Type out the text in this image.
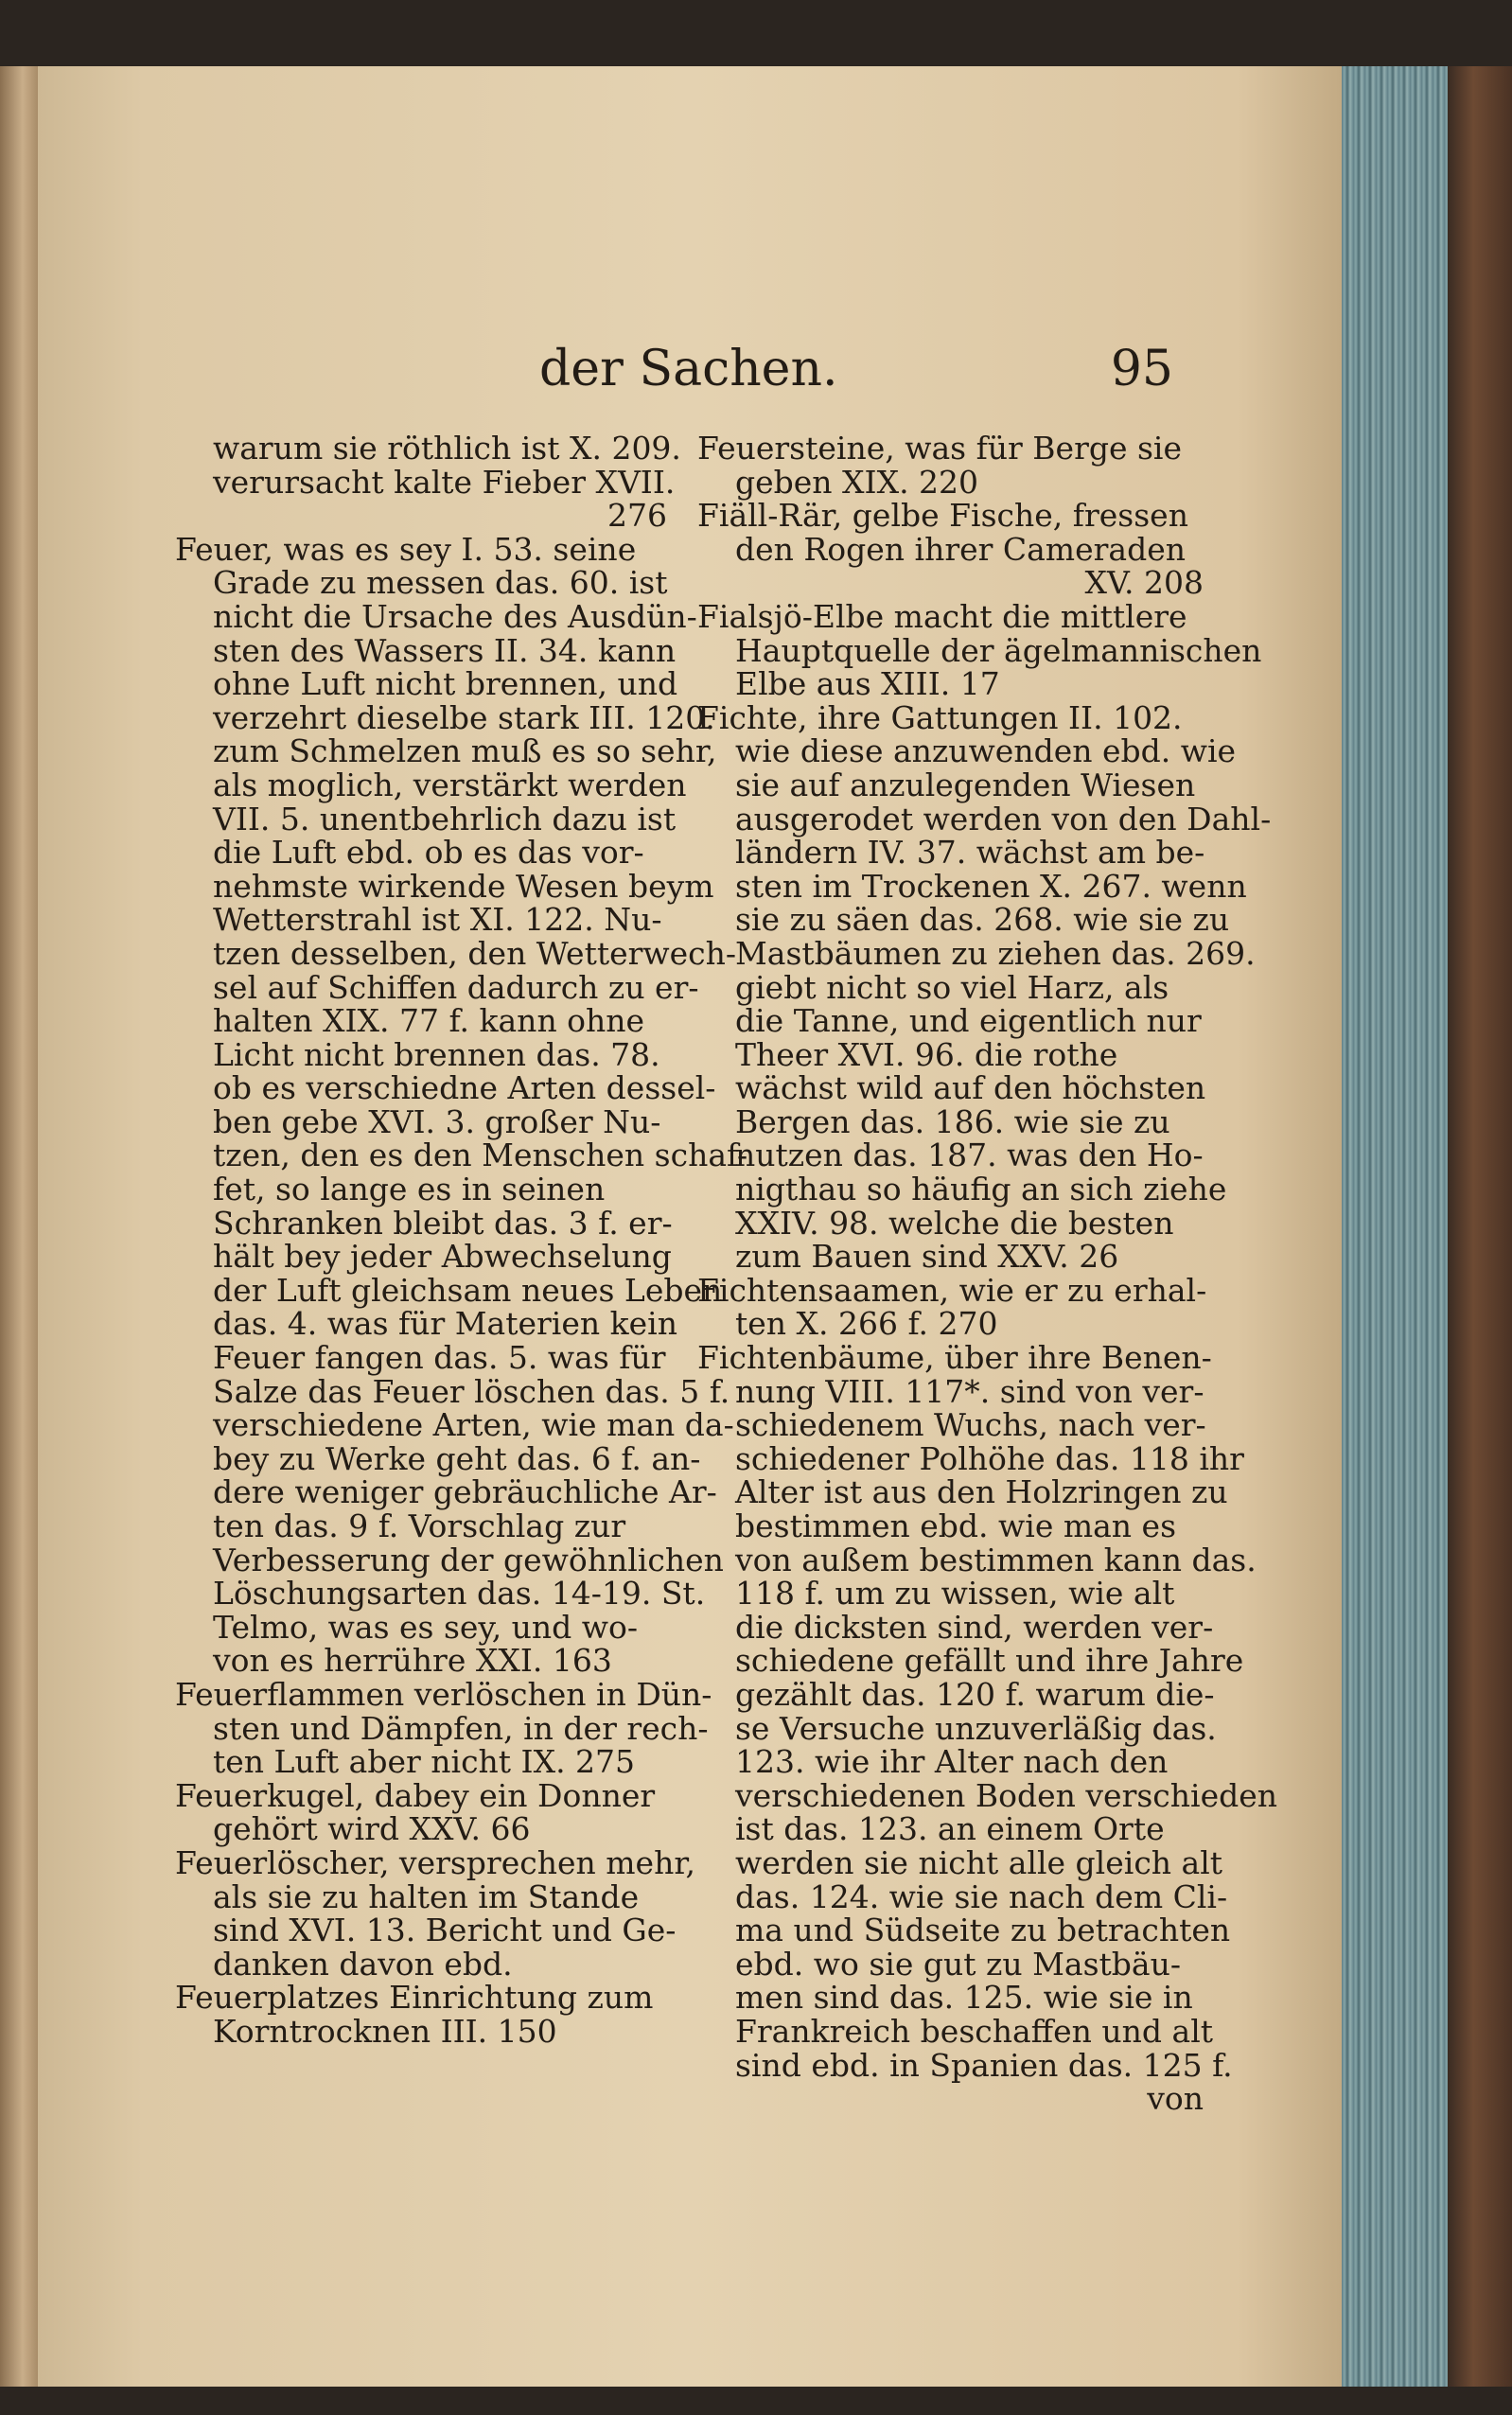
der Sachen.	95
warum sie röthlich ist X. 209.
verursacht kalte Fieber XVII.
276
Feuer, was es sey I. 53. seine
Grade zu messen das. 60. ist
nicht die Ursache des Ausdün-
sten des Wassers II. 34. kann
ohne Luft nicht brennen, und
verzehrt dieselbe stark III. 120.
zum Schmelzen muß es so sehr,
als moglich, verstärkt werden
VII. 5. unentbehrlich dazu ist
die Luft ebd. ob es das vor-
nehmste wirkende Wesen beym
Wetterstrahl ist XI. 122. Nu-
tzen desselben, den Wetterwech-
sel auf Schiffen dadurch zu er-
halten XIX. 77 f. kann ohne
Licht nicht brennen das. 78.
ob es verschiedne Arten dessel-
ben gebe XVI. 3. großer Nu-
tzen, den es den Menschen schaf-
fet, so lange es in seinen
Schranken bleibt das. 3 f. er-
hält bey jeder Abwechselung
der Luft gleichsam neues Leben
das. 4. was für Materien kein
Feuer fangen das. 5. was für
Salze das Feuer löschen das. 5 f.
verschiedene Arten, wie man da-
bey zu Werke geht das. 6 f. an-
dere weniger gebräuchliche Ar-
ten das. 9 f. Vorschlag zur
Verbesserung der gewöhnlichen
Löschungsarten das. 14-19. St.
Telmo, was es sey, und wo-
von es herrühre XXI. 163
Feuerflammen verlöschen in Dün-
sten und Dämpfen, in der rech-
ten Luft aber nicht IX. 275
Feuerkugel, dabey ein Donner
gehört wird XXV. 66
Feuerlöscher, versprechen mehr,
als sie zu halten im Stande
sind XVI. 13. Bericht und Ge-
danken davon ebd.
Feuerplatzes Einrichtung zum
Korntrocknen III. 150
Feuersteine, was für Berge sie
geben XIX. 220
Fiäll-Rär, gelbe Fische, fressen
den Rogen ihrer Cameraden
XV. 208
Fialsjö-Elbe macht die mittlere
Hauptquelle der ägelmannischen
Elbe aus XIII. 17
Fichte, ihre Gattungen II. 102.
wie diese anzuwenden ebd. wie
sie auf anzulegenden Wiesen
ausgerodet werden von den Dahl-
ländern IV. 37. wächst am be-
sten im Trockenen X. 267. wenn
sie zu säen das. 268. wie sie zu
Mastbäumen zu ziehen das. 269.
giebt nicht so viel Harz, als
die Tanne, und eigentlich nur
Theer XVI. 96. die rothe
wächst wild auf den höchsten
Bergen das. 186. wie sie zu
nutzen das. 187. was den Ho-
nigthau so häufig an sich ziehe
XXIV. 98. welche die besten
zum Bauen sind XXV. 26
Fichtensaamen, wie er zu erhal-
ten X. 266 f. 270
Fichtenbäume, über ihre Benen-
nung VIII. 117*. sind von ver-
schiedenem Wuchs, nach ver-
schiedener Polhöhe das. 118 ihr
Alter ist aus den Holzringen zu
bestimmen ebd. wie man es
von außem bestimmen kann das.
118 f. um zu wissen, wie alt
die dicksten sind, werden ver-
schiedene gefällt und ihre Jahre
gezählt das. 120 f. warum die-
se Versuche unzuverläßig das.
123. wie ihr Alter nach den
verschiedenen Boden verschieden
ist das. 123. an einem Orte
werden sie nicht alle gleich alt
das. 124. wie sie nach dem Cli-
ma und Südseite zu betrachten
ebd. wo sie gut zu Mastbäu-
men sind das. 125. wie sie in
Frankreich beschaffen und alt
sind ebd. in Spanien das. 125 f.
von
